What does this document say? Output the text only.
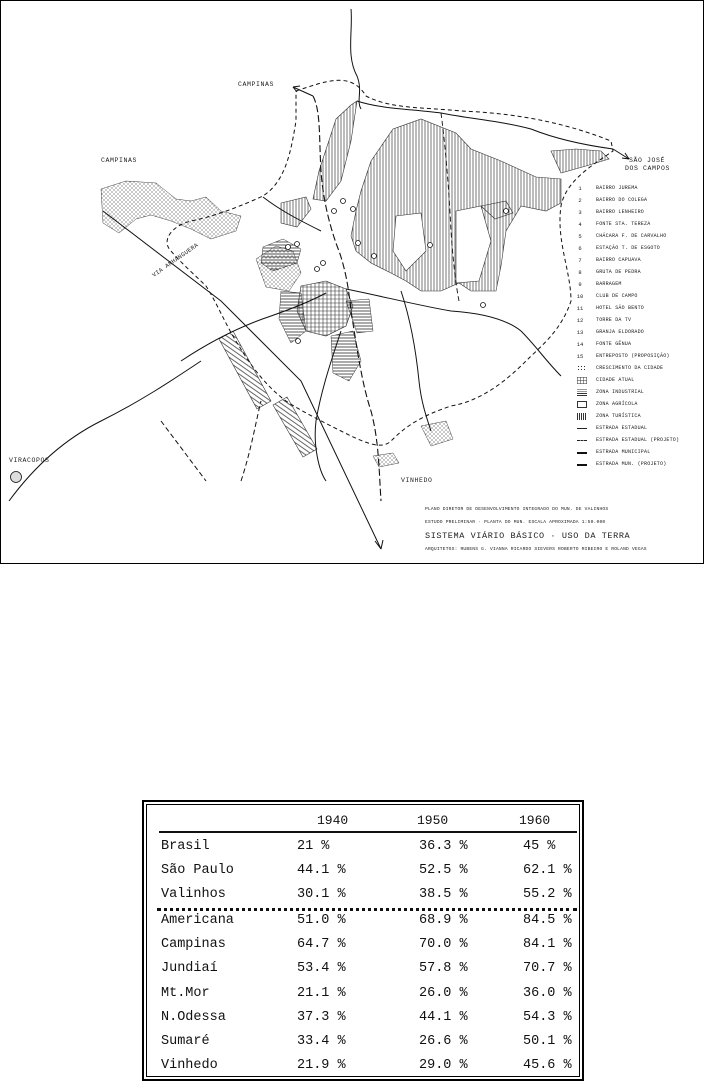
CAMPINAS
CAMPINAS	SÃO JOSÉ
DOS CAMPOS
VIRACOPOS
VINHEDO
VIA ANHANGUERA
1	BAIRRO JUREMA
2	BAIRRO DO COLEGA
3	BAIRRO LENHEIRO
4	FONTE STA. TEREZA
5	CHÁCARA F. DE CARVALHO
6	ESTAÇÃO T. DE ESGOTO
7	BAIRRO CAPUAVA
8	GRUTA DE PEDRA
9	BARRAGEM
10	CLUB DE CAMPO
11	HOTEL SÃO BENTO
12	TORRE DA TV
13	GRANJA ELDORADO
14	FONTE GÊNUA
15	ENTREPOSTO (PROPOSIÇÃO)
CRESCIMENTO DA CIDADE
CIDADE ATUAL
ZONA INDUSTRIAL
ZONA AGRÍCOLA
ZONA TURÍSTICA
ESTRADA ESTADUAL
ESTRADA ESTADUAL (PROJETO)
ESTRADA MUNICIPAL
ESTRADA MUN. (PROJETO)
PLANO DIRETOR DE DESENVOLVIMENTO INTEGRADO DO MUN. DE VALINHOS
ESTUDO PRELIMINAR · PLANTA DO MUN. ESCALA APROXIMADA 1:50.000
SISTEMA VIÁRIO BÁSICO · USO DA TERRA
ARQUITETOS: RUBENS G. VIANNA RICARDO SIEVERS ROBERTO RIBEIRO E ROLAND VEGAS
1940	1950	1960
Brasil	21 %	36.3 %	45 %
São Paulo	44.1 %	52.5 %	62.1 %
Valinhos	30.1 %	38.5 %	55.2 %
Americana	51.0 %	68.9 %	84.5 %
Campinas	64.7 %	70.0 %	84.1 %
Jundiaí	53.4 %	57.8 %	70.7 %
Mt.Mor	21.1 %	26.0 %	36.0 %
N.Odessa	37.3 %	44.1 %	54.3 %
Sumaré	33.4 %	26.6 %	50.1 %
Vinhedo	21.9 %	29.0 %	45.6 %
